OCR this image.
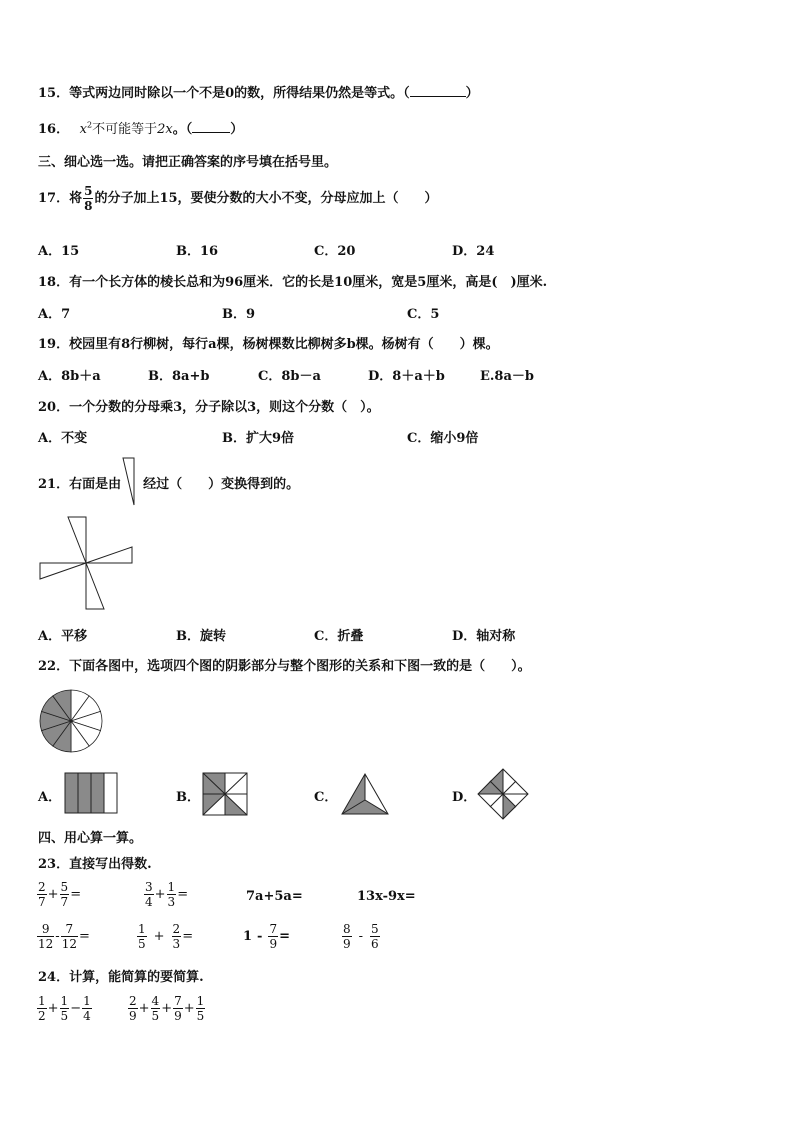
15．等式两边同时除以一个不是0的数，所得结果仍然是等式。（	）
16． $x^2$不可能等于2x。（	）
三、细心选一选。请把正确答案的序号填在括号里。
17．将 $\frac{5}{8}$ 的分子加上15，要使分数的大小不变，分母应加上（　　）
A．15	B．16	C．20	D．24
18．有一个长方体的棱长总和为96厘米．它的长是10厘米，宽是5厘米，高是(　)厘米.
A．7	B．9	C．5
19．校园里有8行柳树，每行a棵，杨树棵数比柳树多b棵。杨树有（　　）棵。
A．8b＋a	B．8a+b	C．8b－a	D．8＋a＋b	E.8a－b
20．一个分数的分母乘3，分子除以3，则这个分数（　）。
A．不变	B．扩大9倍	C．缩小9倍
21．右面是由 经过（　　）变换得到的。
A．平移	B．旋转	C．折叠	D．轴对称
22．下面各图中，选项四个图的阴影部分与整个图形的关系和下图一致的是（　　）。
A．	B．	C．	D．
四、用心算一算。
23．直接写出得数.
$\frac{2}{7} + \frac{5}{7}$ =	$\frac{3}{4} + \frac{1}{3}$ =	7a+5a=	13x-9x=
$\frac{9}{12} - \frac{7}{12}$ =	$\frac{1}{5} + \frac{2}{3}$ =	$1 - \frac{7}{9}$ =	$\frac{8}{9} - \frac{5}{6}$
24．计算，能简算的要简算.
$\frac{1}{2} + \frac{1}{5} - \frac{1}{4}$	$\frac{2}{9} + \frac{4}{5} + \frac{7}{9} + \frac{1}{5}$
